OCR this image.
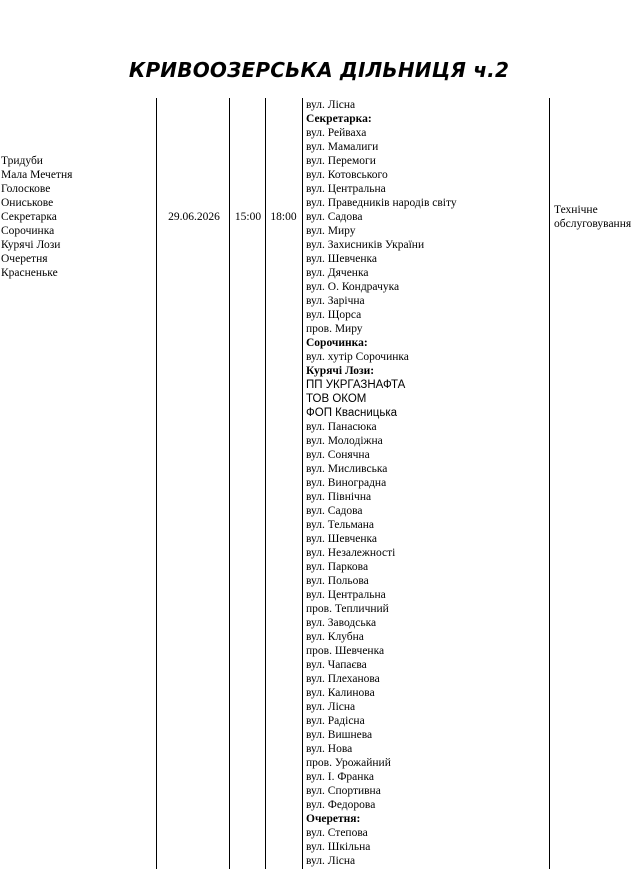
КРИВООЗЕРСЬКА ДІЛЬНИЦЯ ч.2
Тридуби
Мала Мечетня
Голоскове
Ониськове
Секретарка
Сорочинка
Курячі Лози
Очеретня
Красненьке
29.06.2026	15:00 18:00
вул. Лісна
Секретарка:
вул. Рейваха
вул. Мамалиги
вул. Перемоги
вул. Котовського
вул. Центральна
вул. Праведників народів світу
вул. Садова
вул. Миру
вул. Захисників України
вул. Шевченка
вул. Дяченка
вул. О. Кондрачука
вул. Зарічна
вул. Щорса
пров. Миру
Сорочинка:
вул. хутір Сорочинка
Курячі Лози:
ПП УКРГАЗНАФТА
ТОВ ОКОМ
ФОП Квасницька
вул. Панасюка
вул. Молодіжна
вул. Сонячна
вул. Мисливська
вул. Виноградна
вул. Північна
вул. Садова
вул. Тельмана
вул. Шевченка
вул. Незалежності
вул. Паркова
вул. Польова
вул. Центральна
пров. Тепличний
вул. Заводська
вул. Клубна
пров. Шевченка
вул. Чапаєва
вул. Плеханова
вул. Калинова
вул. Лісна
вул. Радісна
вул. Вишнева
вул. Нова
пров. Урожайний
вул. І. Франка
вул. Спортивна
вул. Федорова
Очеретня:
вул. Степова
вул. Шкільна
вул. Лісна
Технічне
обслуговування
